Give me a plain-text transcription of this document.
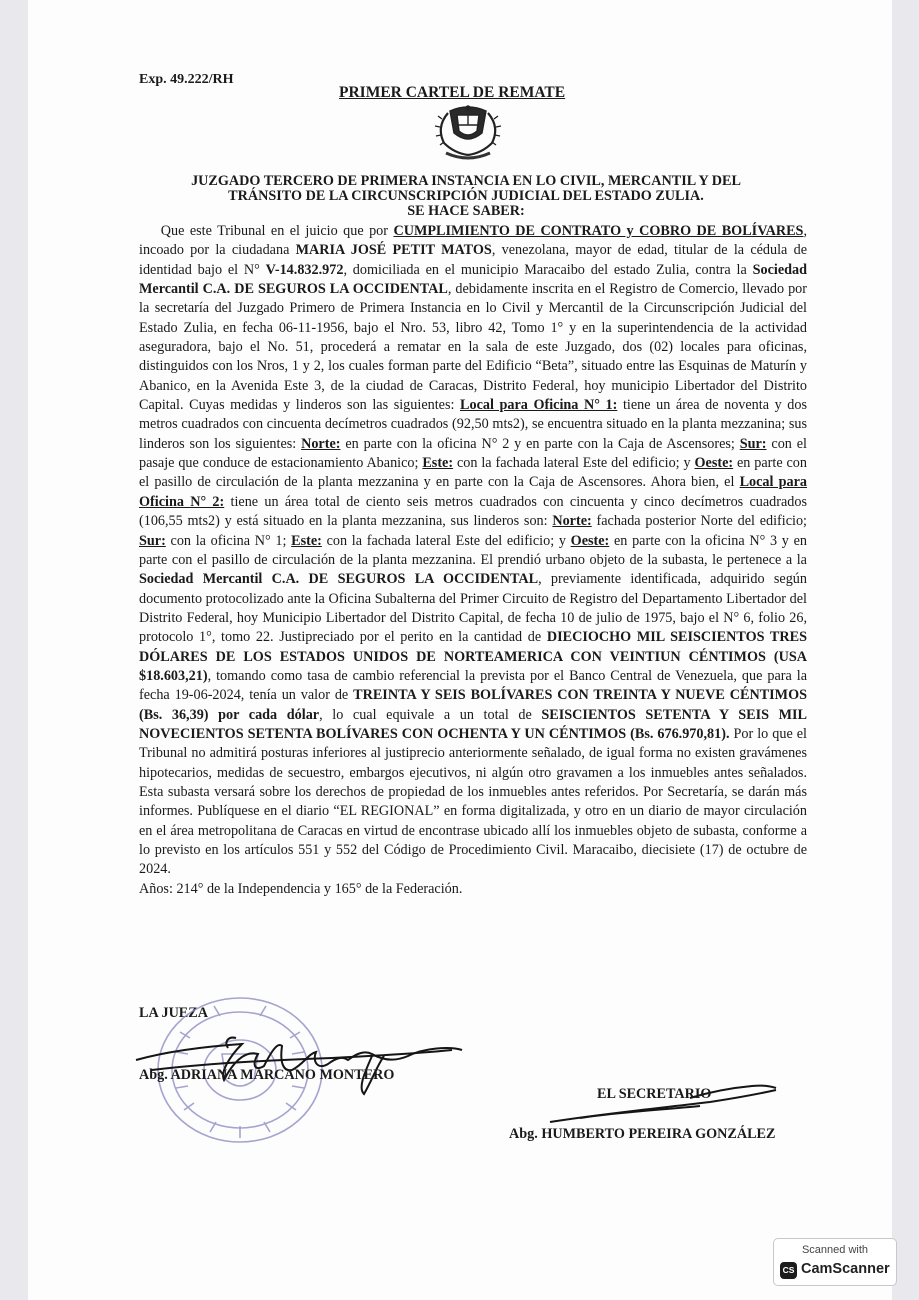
Exp. 49.222/RH
PRIMER CARTEL DE REMATE
JUZGADO TERCERO DE PRIMERA INSTANCIA EN LO CIVIL, MERCANTIL Y DEL
TRÁNSITO DE LA CIRCUNSCRIPCIÓN JUDICIAL DEL ESTADO ZULIA.
SE HACE SABER:

Que este Tribunal en el juicio que por CUMPLIMIENTO DE CONTRATO y COBRO DE BOLÍVARES, incoado por la ciudadana MARIA JOSÉ PETIT MATOS, venezolana, mayor de edad, titular de la cédula de identidad bajo el N° V-14.832.972, domiciliada en el municipio Maracaibo del estado Zulia, contra la Sociedad Mercantil C.A. DE SEGUROS LA OCCIDENTAL, debidamente inscrita en el Registro de Comercio, llevado por la secretaría del Juzgado Primero de Primera Instancia en lo Civil y Mercantil de la Circunscripción Judicial del Estado Zulia, en fecha 06-11-1956, bajo el Nro. 53, libro 42, Tomo 1° y en la superintendencia de la actividad aseguradora, bajo el No. 51, procederá a rematar en la sala de este Juzgado, dos (02) locales para oficinas, distinguidos con los Nros, 1 y 2, los cuales forman parte del Edificio “Beta”, situado entre las Esquinas de Maturín y Abanico, en la Avenida Este 3, de la ciudad de Caracas, Distrito Federal, hoy municipio Libertador del Distrito Capital. Cuyas medidas y linderos son las siguientes: Local para Oficina N° 1: tiene un área de noventa y dos metros cuadrados con cincuenta decímetros cuadrados (92,50 mts2), se encuentra situado en la planta mezzanina; sus linderos son los siguientes: Norte: en parte con la oficina N° 2 y en parte con la Caja de Ascensores; Sur: con el pasaje que conduce de estacionamiento Abanico; Este: con la fachada lateral Este del edificio; y Oeste: en parte con el pasillo de circulación de la planta mezzanina y en parte con la Caja de Ascensores. Ahora bien, el Local para Oficina N° 2: tiene un área total de ciento seis metros cuadrados con cincuenta y cinco decímetros cuadrados (106,55 mts2) y está situado en la planta mezzanina, sus linderos son: Norte: fachada posterior Norte del edificio; Sur: con la oficina N° 1; Este: con la fachada lateral Este del edificio; y Oeste: en parte con la oficina N° 3 y en parte con el pasillo de circulación de la planta mezzanina. El prendió urbano objeto de la subasta, le pertenece a la Sociedad Mercantil C.A. DE SEGUROS LA OCCIDENTAL, previamente identificada, adquirido según documento protocolizado ante la Oficina Subalterna del Primer Circuito de Registro del Departamento Libertador del Distrito Federal, hoy Municipio Libertador del Distrito Capital, de fecha 10 de julio de 1975, bajo el N° 6, folio 26, protocolo 1°, tomo 22. Justipreciado por el perito en la cantidad de DIECIOCHO MIL SEISCIENTOS TRES DÓLARES DE LOS ESTADOS UNIDOS DE NORTEAMERICA CON VEINTIUN CÉNTIMOS (USA $18.603,21), tomando como tasa de cambio referencial la prevista por el Banco Central de Venezuela, que para la fecha 19-06-2024, tenía un valor de TREINTA Y SEIS BOLÍVARES CON TREINTA Y NUEVE CÉNTIMOS (Bs. 36,39) por cada dólar, lo cual equivale a un total de SEISCIENTOS SETENTA Y SEIS MIL NOVECIENTOS SETENTA BOLÍVARES CON OCHENTA Y UN CÉNTIMOS (Bs. 676.970,81). Por lo que el Tribunal no admitirá posturas inferiores al justiprecio anteriormente señalado, de igual forma no existen gravámenes hipotecarios, medidas de secuestro, embargos ejecutivos, ni algún otro gravamen a los inmuebles antes señalados. Esta subasta versará sobre los derechos de propiedad de los inmuebles antes referidos. Por Secretaría, se darán más informes. Publíquese en el diario “EL REGIONAL” en forma digitalizada, y otro en un diario de mayor circulación en el área metropolitana de Caracas en virtud de encontrase ubicado allí los inmuebles objeto de subasta, conforme a lo previsto en los artículos 551 y 552 del Código de Procedimiento Civil. Maracaibo, diecisiete (17) de octubre de 2024.

Años: 214° de la Independencia y 165° de la Federación.

LA JUEZA
Abg. ADRIANA MARCANO MONTERO
EL SECRETARIO
Abg. HUMBERTO PEREIRA GONZÁLEZ
Scanned with
CS CamScanner
